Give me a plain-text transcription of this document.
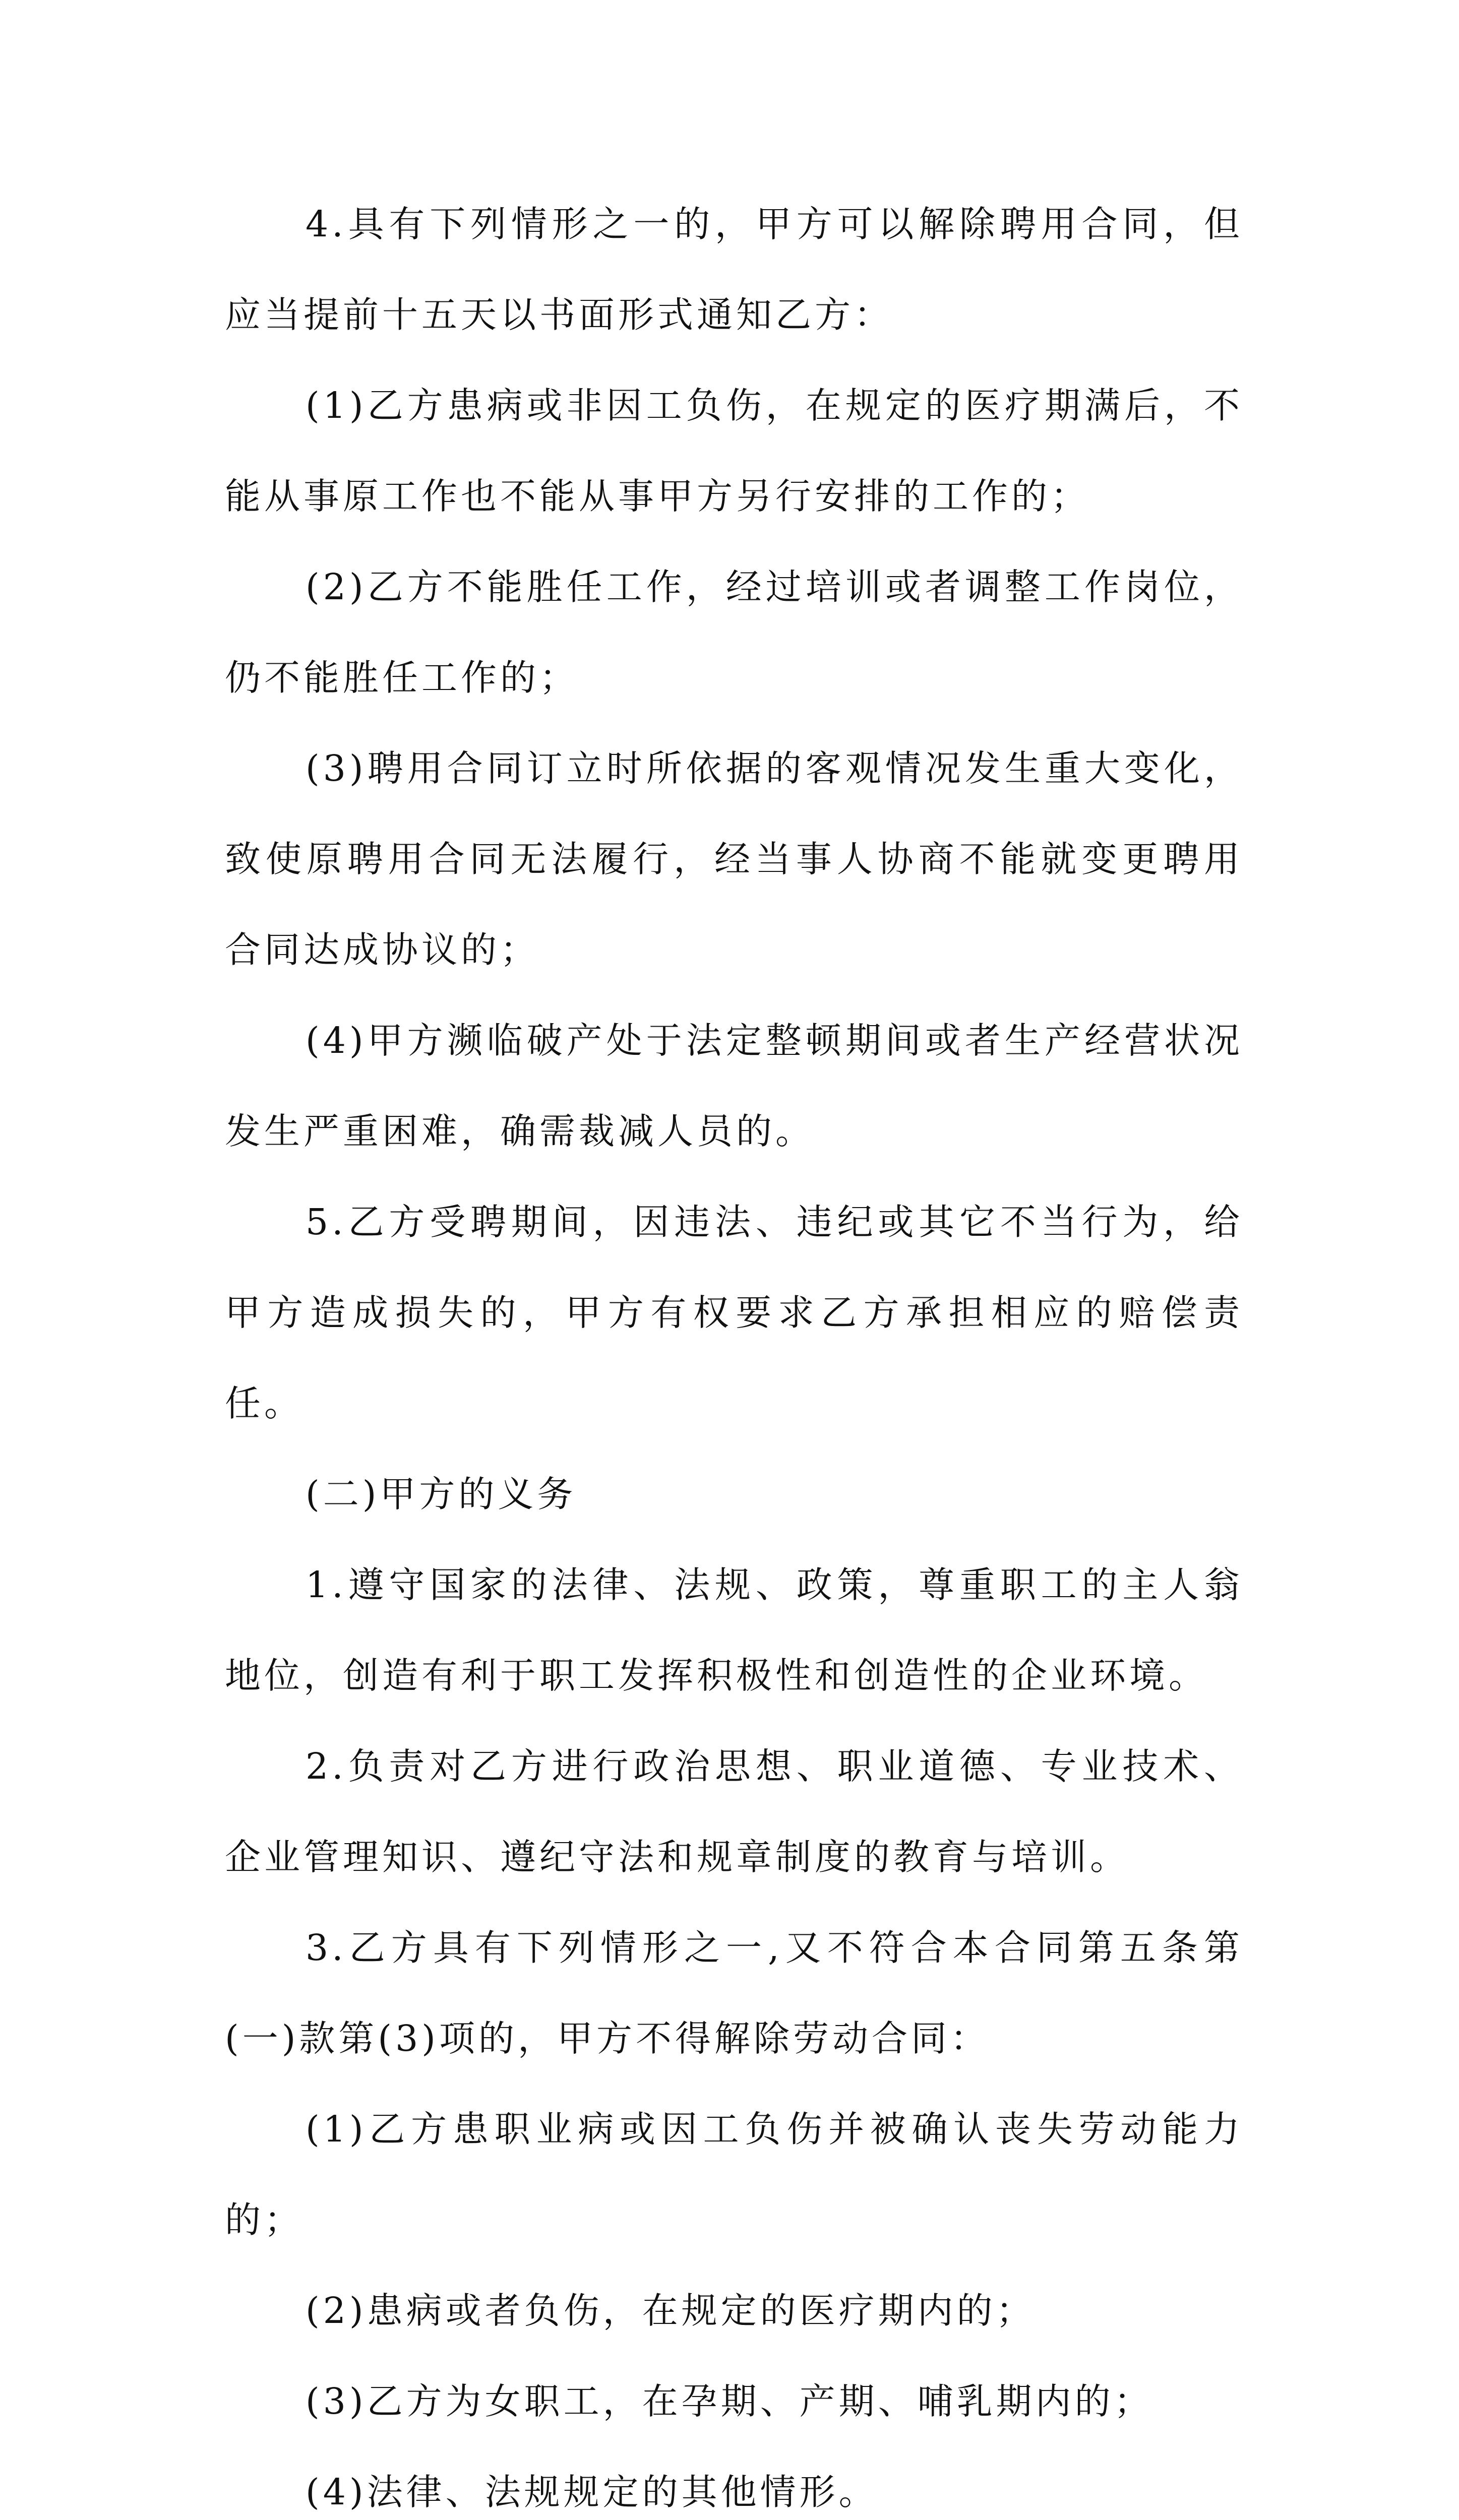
4.具有下列情形之一的，甲方可以解除聘用合同，但应当提前十五天以书面形式通知乙方：

(1)乙方患病或非因工负伤，在规定的医疗期满后，不能从事原工作也不能从事甲方另行安排的工作的；

(2)乙方不能胜任工作，经过培训或者调整工作岗位，仍不能胜任工作的；

(3)聘用合同订立时所依据的客观情况发生重大变化，致使原聘用合同无法履行，经当事人协商不能就变更聘用合同达成协议的；

(4)甲方濒临破产处于法定整顿期间或者生产经营状况发生严重困难，确需裁减人员的。

5.乙方受聘期间，因违法、违纪或其它不当行为，给甲方造成损失的，甲方有权要求乙方承担相应的赔偿责任。

(二)甲方的义务

1.遵守国家的法律、法规、政策，尊重职工的主人翁地位，创造有利于职工发挥积极性和创造性的企业环境。

2.负责对乙方进行政治思想、职业道德、专业技术、企业管理知识、遵纪守法和规章制度的教育与培训。

3.乙方具有下列情形之一,又不符合本合同第五条第(一)款第(3)项的，甲方不得解除劳动合同：

(1)乙方患职业病或因工负伤并被确认丧失劳动能力的；

(2)患病或者负伤，在规定的医疗期内的；

(3)乙方为女职工，在孕期、产期、哺乳期内的；

(4)法律、法规规定的其他情形。
